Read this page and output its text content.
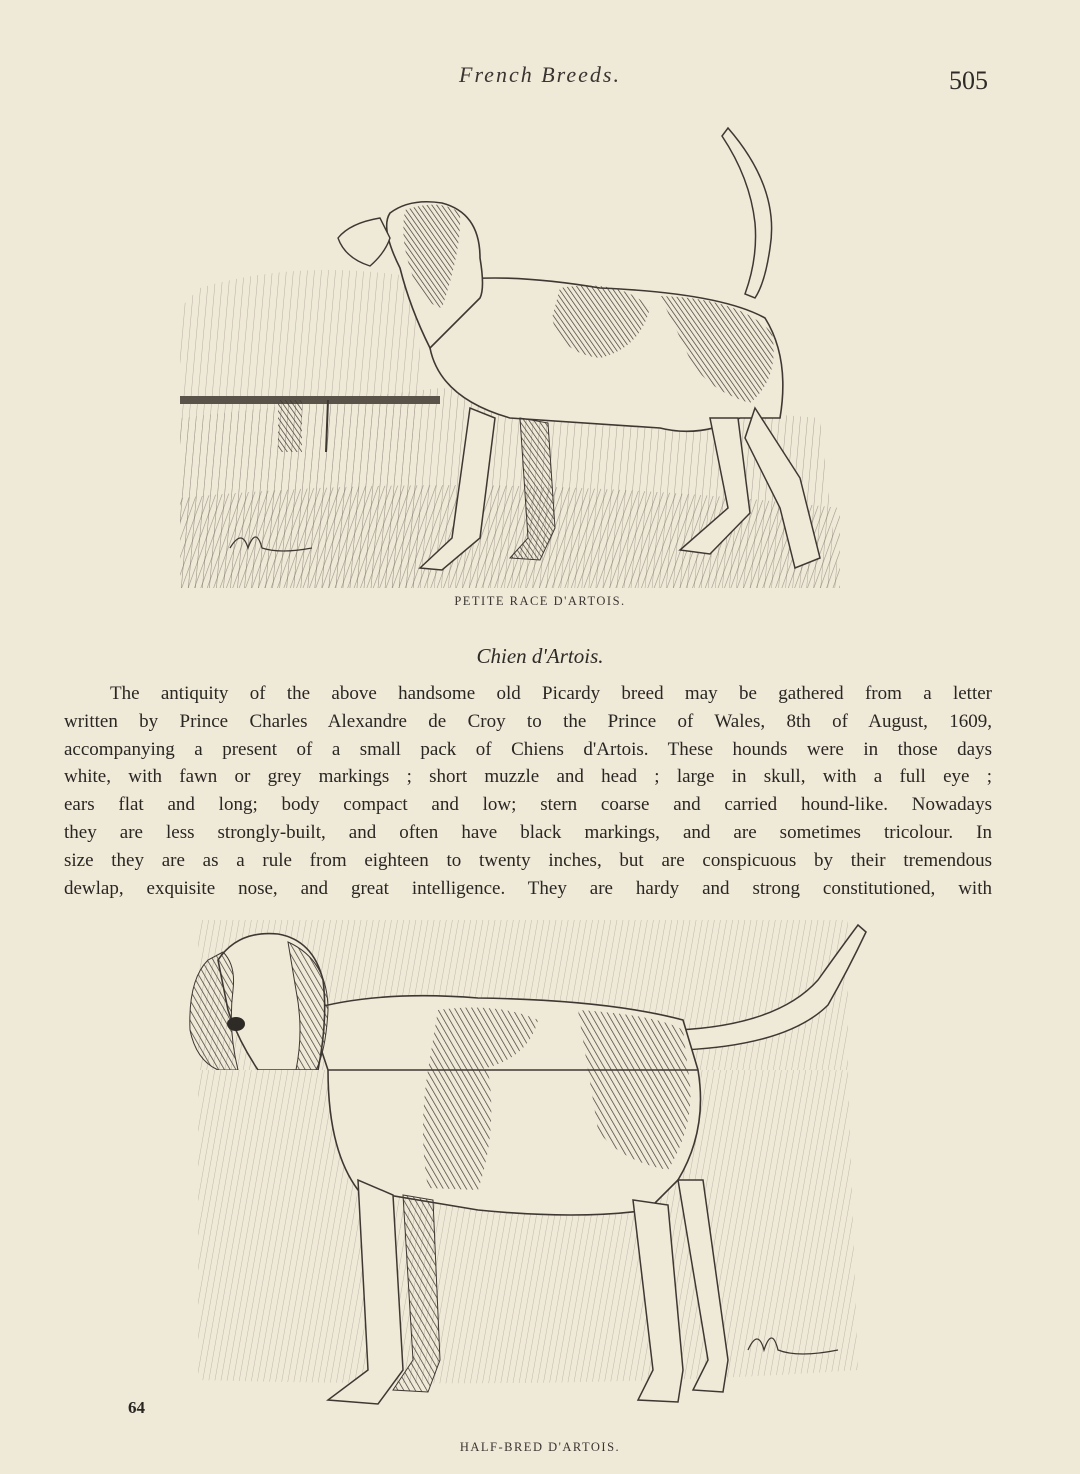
French Breeds.	505
PETITE RACE D'ARTOIS.
Chien d'Artois.
The antiquity of the above handsome old Picardy breed may be gathered from a letter
written by Prince Charles Alexandre de Croy to the Prince of Wales, 8th of August, 1609,
accompanying a present of a small pack of Chiens d'Artois. These hounds were in those days
white, with fawn or grey markings ; short muzzle and head ; large in skull, with a full eye ;
ears flat and long; body compact and low; stern coarse and carried hound-like. Nowadays
they are less strongly-built, and often have black markings, and are sometimes tricolour. In
size they are as a rule from eighteen to twenty inches, but are conspicuous by their tremendous
dewlap, exquisite nose, and great intelligence. They are hardy and strong constitutioned, with
HALF-BRED D'ARTOIS.
64
